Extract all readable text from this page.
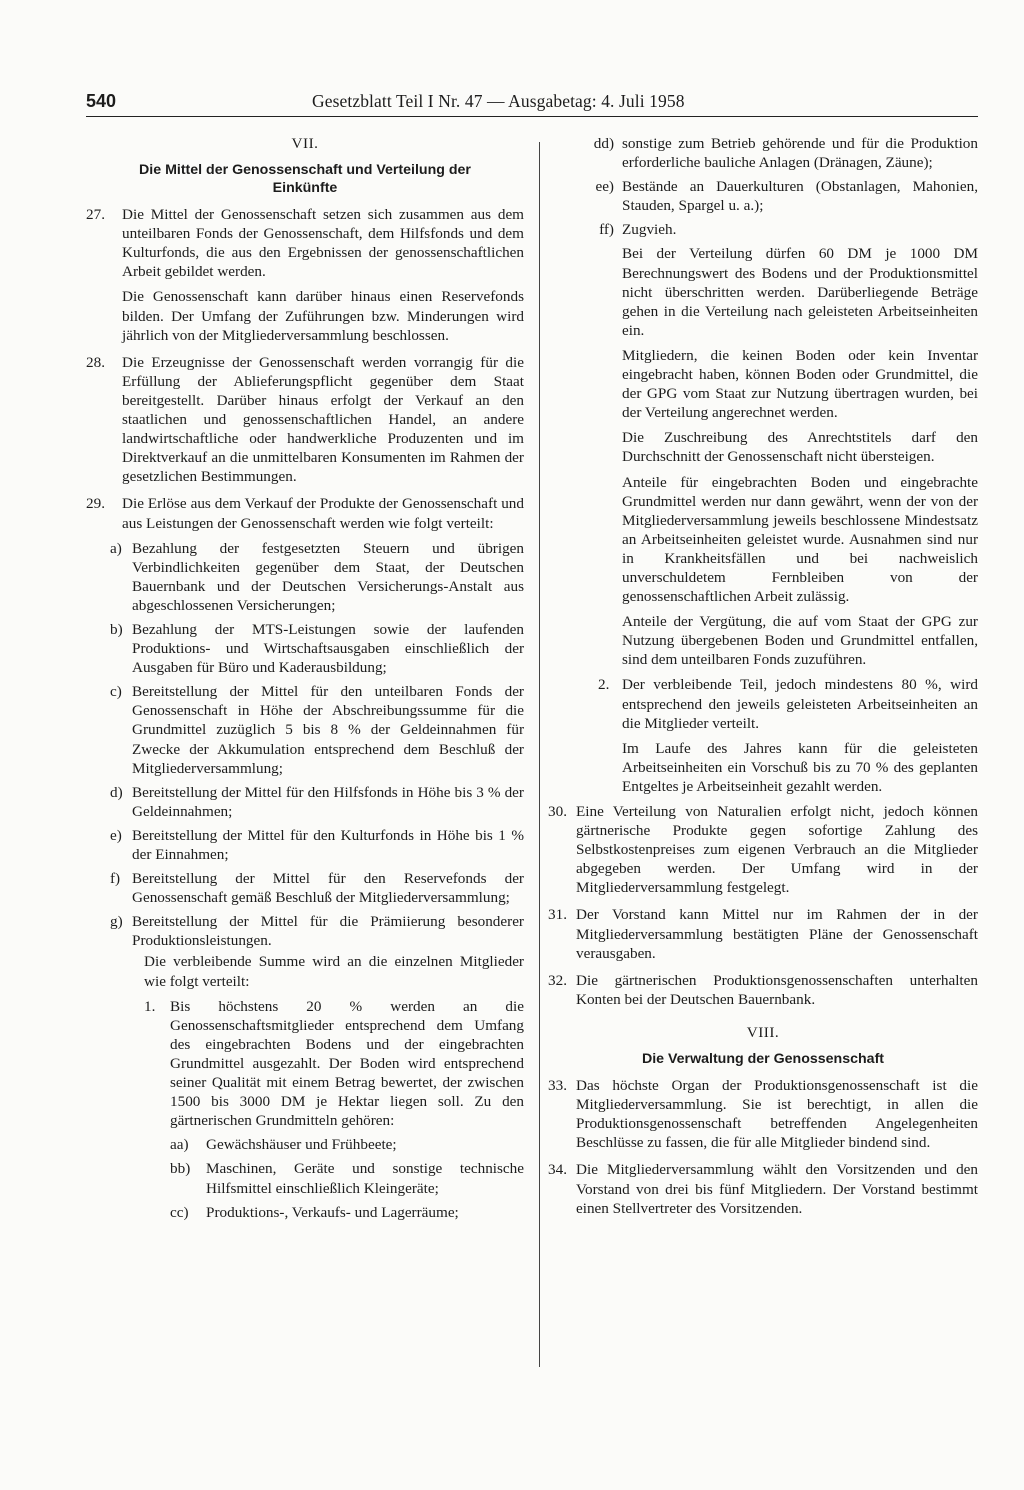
540	Gesetzblatt Teil I Nr. 47 — Ausgabetag: 4. Juli 1958
VII.
Die Mittel der Genossenschaft und Verteilung der Einkünfte
27. Die Mittel der Genossenschaft setzen sich zusammen aus dem unteilbaren Fonds der Genossenschaft, dem Hilfsfonds und dem Kulturfonds, die aus den Ergebnissen der genossenschaftlichen Arbeit gebildet werden.

Die Genossenschaft kann darüber hinaus einen Reservefonds bilden. Der Umfang der Zuführungen bzw. Minderungen wird jährlich von der Mitgliederversammlung beschlossen.

28. Die Erzeugnisse der Genossenschaft werden vorrangig für die Erfüllung der Ablieferungspflicht gegenüber dem Staat bereitgestellt. Darüber hinaus erfolgt der Verkauf an den staatlichen und genossenschaftlichen Handel, an andere landwirtschaftliche oder handwerkliche Produzenten und im Direktverkauf an die unmittelbaren Konsumenten im Rahmen der gesetzlichen Bestimmungen.

29. Die Erlöse aus dem Verkauf der Produkte der Genossenschaft und aus Leistungen der Genossenschaft werden wie folgt verteilt:

a) Bezahlung der festgesetzten Steuern und übrigen Verbindlichkeiten gegenüber dem Staat, der Deutschen Bauernbank und der Deutschen Versicherungs-Anstalt aus abgeschlossenen Versicherungen;
b) Bezahlung der MTS-Leistungen sowie der laufenden Produktions- und Wirtschaftsausgaben einschließlich der Ausgaben für Büro und Kaderausbildung;
c) Bereitstellung der Mittel für den unteilbaren Fonds der Genossenschaft in Höhe der Abschreibungssumme für die Grundmittel zuzüglich 5 bis 8 % der Geldeinnahmen für Zwecke der Akkumulation entsprechend dem Beschluß der Mitgliederversammlung;
d) Bereitstellung der Mittel für den Hilfsfonds in Höhe bis 3 % der Geldeinnahmen;
e) Bereitstellung der Mittel für den Kulturfonds in Höhe bis 1 % der Einnahmen;
f) Bereitstellung der Mittel für den Reservefonds der Genossenschaft gemäß Beschluß der Mitgliederversammlung;
g) Bereitstellung der Mittel für die Prämiierung besonderer Produktionsleistungen.

Die verbleibende Summe wird an die einzelnen Mitglieder wie folgt verteilt:

1. Bis höchstens 20 % werden an die Genossenschaftsmitglieder entsprechend dem Umfang des eingebrachten Bodens und der eingebrachten Grundmittel ausgezahlt. Der Boden wird entsprechend seiner Qualität mit einem Betrag bewertet, der zwischen 1500 bis 3000 DM je Hektar liegen soll. Zu den gärtnerischen Grundmitteln gehören:

aa) Gewächshäuser und Frühbeete;
bb) Maschinen, Geräte und sonstige technische Hilfsmittel einschließlich Kleingeräte;
cc) Produktions-, Verkaufs- und Lagerräume;
dd) sonstige zum Betrieb gehörende und für die Produktion erforderliche bauliche Anlagen (Dränagen, Zäune);
ee) Bestände an Dauerkulturen (Obstanlagen, Mahonien, Stauden, Spargel u. a.);
ff) Zugvieh.

Bei der Verteilung dürfen 60 DM je 1000 DM Berechnungswert des Bodens und der Produktionsmittel nicht überschritten werden. Darüberliegende Beträge gehen in die Verteilung nach geleisteten Arbeitseinheiten ein.

Mitgliedern, die keinen Boden oder kein Inventar eingebracht haben, können Boden oder Grundmittel, die der GPG vom Staat zur Nutzung übertragen wurden, bei der Verteilung angerechnet werden.

Die Zuschreibung des Anrechtstitels darf den Durchschnitt der Genossenschaft nicht übersteigen.

Anteile für eingebrachten Boden und eingebrachte Grundmittel werden nur dann gewährt, wenn der von der Mitgliederversammlung jeweils beschlossene Mindestsatz an Arbeitseinheiten geleistet wurde. Ausnahmen sind nur in Krankheitsfällen und bei nachweislich unverschuldetem Fernbleiben von der genossenschaftlichen Arbeit zulässig.

Anteile der Vergütung, die auf vom Staat der GPG zur Nutzung übergebenen Boden und Grundmittel entfallen, sind dem unteilbaren Fonds zuzuführen.

2. Der verbleibende Teil, jedoch mindestens 80 %, wird entsprechend den jeweils geleisteten Arbeitseinheiten an die Mitglieder verteilt.

Im Laufe des Jahres kann für die geleisteten Arbeitseinheiten ein Vorschuß bis zu 70 % des geplanten Entgeltes je Arbeitseinheit gezahlt werden.

30. Eine Verteilung von Naturalien erfolgt nicht, jedoch können gärtnerische Produkte gegen sofortige Zahlung des Selbstkostenpreises zum eigenen Verbrauch an die Mitglieder abgegeben werden. Der Umfang wird in der Mitgliederversammlung festgelegt.
31. Der Vorstand kann Mittel nur im Rahmen der in der Mitgliederversammlung bestätigten Pläne der Genossenschaft verausgaben.
32. Die gärtnerischen Produktionsgenossenschaften unterhalten Konten bei der Deutschen Bauernbank.
VIII.
Die Verwaltung der Genossenschaft
33. Das höchste Organ der Produktionsgenossenschaft ist die Mitgliederversammlung. Sie ist berechtigt, in allen die Produktionsgenossenschaft betreffenden Angelegenheiten Beschlüsse zu fassen, die für alle Mitglieder bindend sind.
34. Die Mitgliederversammlung wählt den Vorsitzenden und den Vorstand von drei bis fünf Mitgliedern. Der Vorstand bestimmt einen Stellvertreter des Vorsitzenden.
